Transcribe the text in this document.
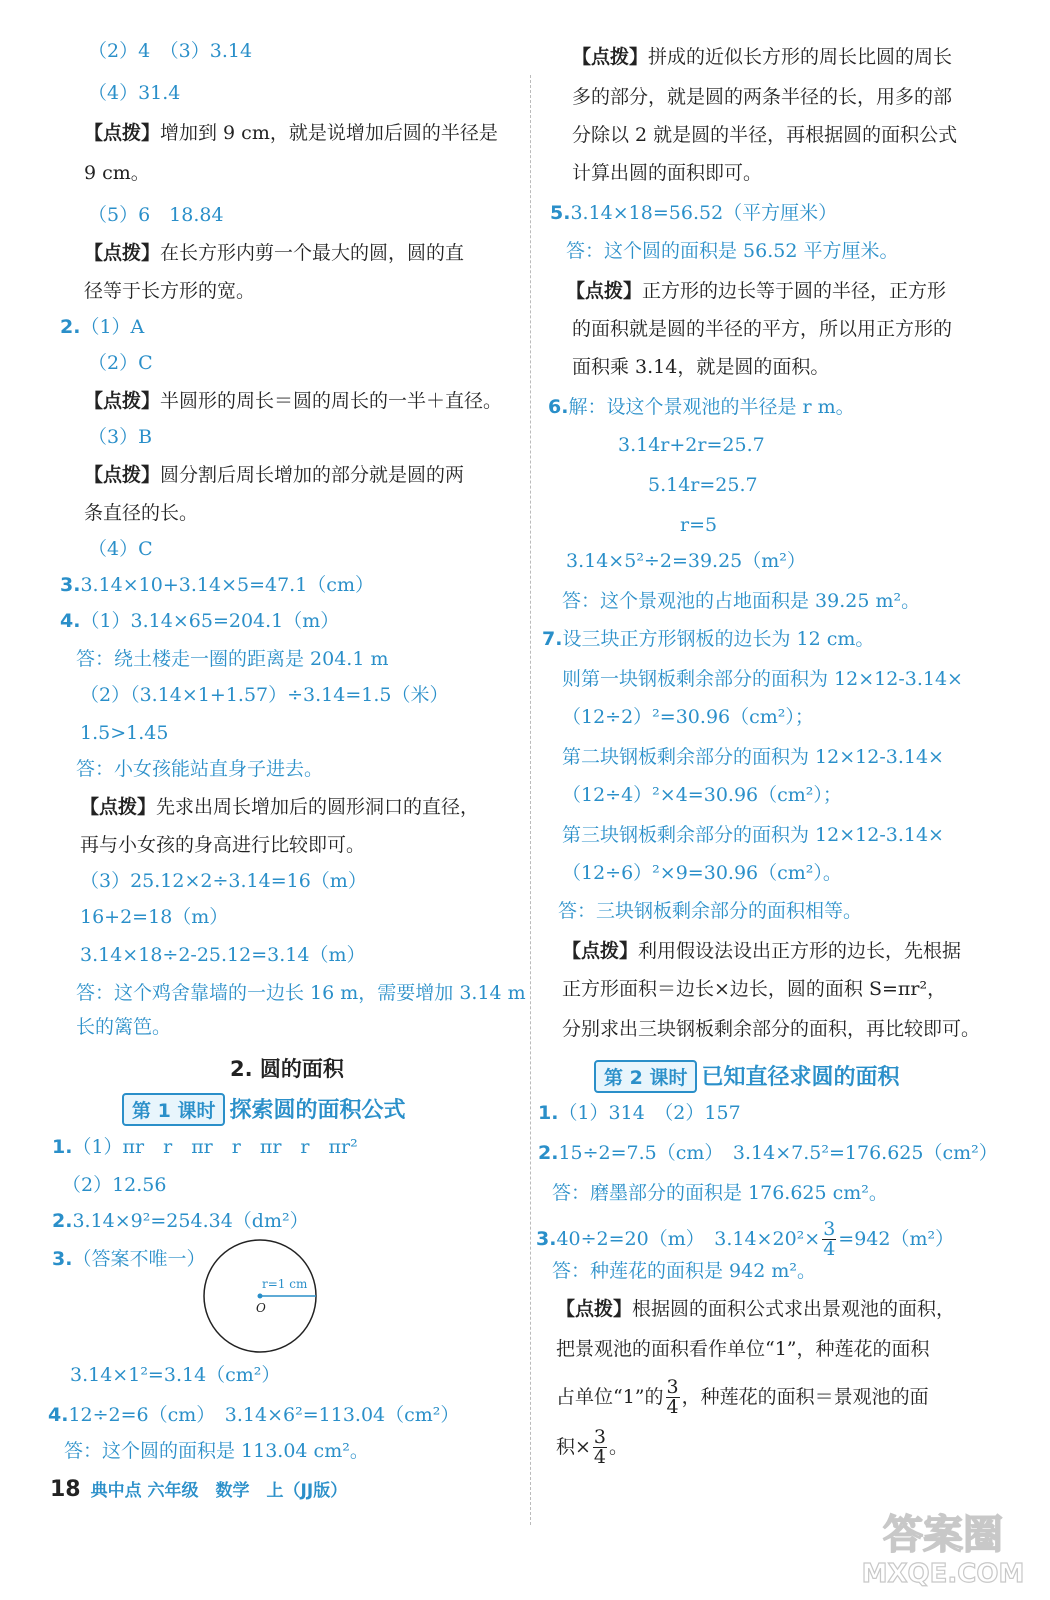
（2）4　（3）3.14
（4）31.4
【点拨】增加到 9 cm，就是说增加后圆的半径是
9 cm。
（5）6　18.84
【点拨】在长方形内剪一个最大的圆，圆的直
径等于长方形的宽。
2.（1）A
（2）C
【点拨】半圆形的周长＝圆的周长的一半＋直径。
（3）B
【点拨】圆分割后周长增加的部分就是圆的两
条直径的长。
（4）C
3.3.14×10+3.14×5=47.1（cm）
4.（1）3.14×65=204.1（m）
答：绕土楼走一圈的距离是 204.1 m
（2）（3.14×1+1.57）÷3.14=1.5（米）
1.5>1.45
答：小女孩能站直身子进去。
【点拨】先求出周长增加后的圆形洞口的直径，
再与小女孩的身高进行比较即可。
（3）25.12×2÷3.14=16（m）
16+2=18（m）
3.14×18÷2-25.12=3.14（m）
答：这个鸡舍靠墙的一边长 16 m，需要增加 3.14 m
长的篱笆。
1.（1）πr　r　πr　r　πr　r　πr²
（2）12.56
2.3.14×9²=254.34（dm²）
3.（答案不唯一）
3.14×1²=3.14（cm²）
4.12÷2=6（cm）　3.14×6²=113.04（cm²）
答：这个圆的面积是 113.04 cm²。
【点拨】拼成的近似长方形的周长比圆的周长
多的部分，就是圆的两条半径的长，用多的部
分除以 2 就是圆的半径，再根据圆的面积公式
计算出圆的面积即可。
5.3.14×18=56.52（平方厘米）
答：这个圆的面积是 56.52 平方厘米。
【点拨】正方形的边长等于圆的半径，正方形
的面积就是圆的半径的平方，所以用正方形的
面积乘 3.14，就是圆的面积。
6.解：设这个景观池的半径是 r m。
3.14r+2r=25.7
5.14r=25.7
r=5
3.14×5²÷2=39.25（m²）
答：这个景观池的占地面积是 39.25 m²。
7.设三块正方形钢板的边长为 12 cm。
则第一块钢板剩余部分的面积为 12×12-3.14×
（12÷2）²=30.96（cm²）；
第二块钢板剩余部分的面积为 12×12-3.14×
（12÷4）²×4=30.96（cm²）；
第三块钢板剩余部分的面积为 12×12-3.14×
（12÷6）²×9=30.96（cm²）。
答：三块钢板剩余部分的面积相等。
【点拨】利用假设法设出正方形的边长，先根据
正方形面积＝边长×边长，圆的面积 S=πr²，
分别求出三块钢板剩余部分的面积，再比较即可。
1.（1）314　（2）157
2.15÷2=7.5（cm）　3.14×7.5²=176.625（cm²）
答：磨墨部分的面积是 176.625 cm²。
答：种莲花的面积是 942 m²。
【点拨】根据圆的面积公式求出景观池的面积，
把景观池的面积看作单位“1”，种莲花的面积
2. 圆的面积
第 1 课时 探索圆的面积公式
第 2 课时 已知直径求圆的面积
r=1 cm
O
3.40÷2=20（m）　$3.14\times 20^2\times \frac{3}{4} =942(m^2)$
占单位“1”的 $\frac{3}{4}$ ，种莲花的面积＝景观池的面
积× $\frac{3}{4}$ 。
18 典中点 六年级　数学　上（JJ版）
答案圈
MXQE.COM
